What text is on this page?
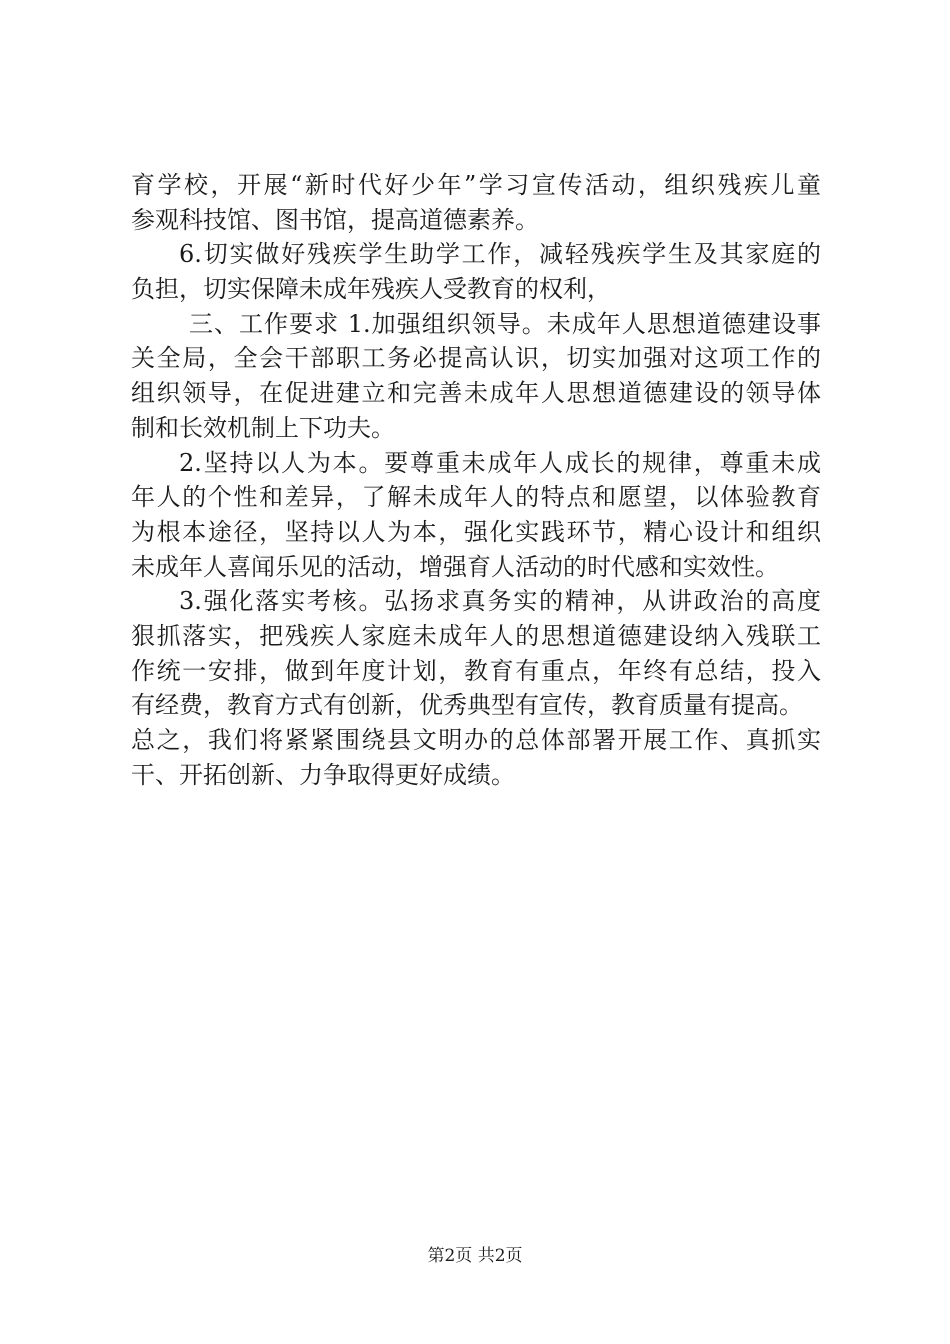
育学校，开展“新时代好少年”学习宣传活动，组织残疾儿童
参观科技馆、图书馆，提高道德素养。
6.切实做好残疾学生助学工作，减轻残疾学生及其家庭的
负担，切实保障未成年残疾人受教育的权利，
三、工作要求 1.加强组织领导。未成年人思想道德建设事
关全局，全会干部职工务必提高认识，切实加强对这项工作的
组织领导，在促进建立和完善未成年人思想道德建设的领导体
制和长效机制上下功夫。
2.坚持以人为本。要尊重未成年人成长的规律，尊重未成
年人的个性和差异，了解未成年人的特点和愿望，以体验教育
为根本途径，坚持以人为本，强化实践环节，精心设计和组织
未成年人喜闻乐见的活动，增强育人活动的时代感和实效性。
3.强化落实考核。弘扬求真务实的精神，从讲政治的高度
狠抓落实，把残疾人家庭未成年人的思想道德建设纳入残联工
作统一安排，做到年度计划，教育有重点，年终有总结，投入
有经费，教育方式有创新，优秀典型有宣传，教育质量有提高。
总之，我们将紧紧围绕县文明办的总体部署开展工作、真抓实
干、开拓创新、力争取得更好成绩。
第2页 共2页
